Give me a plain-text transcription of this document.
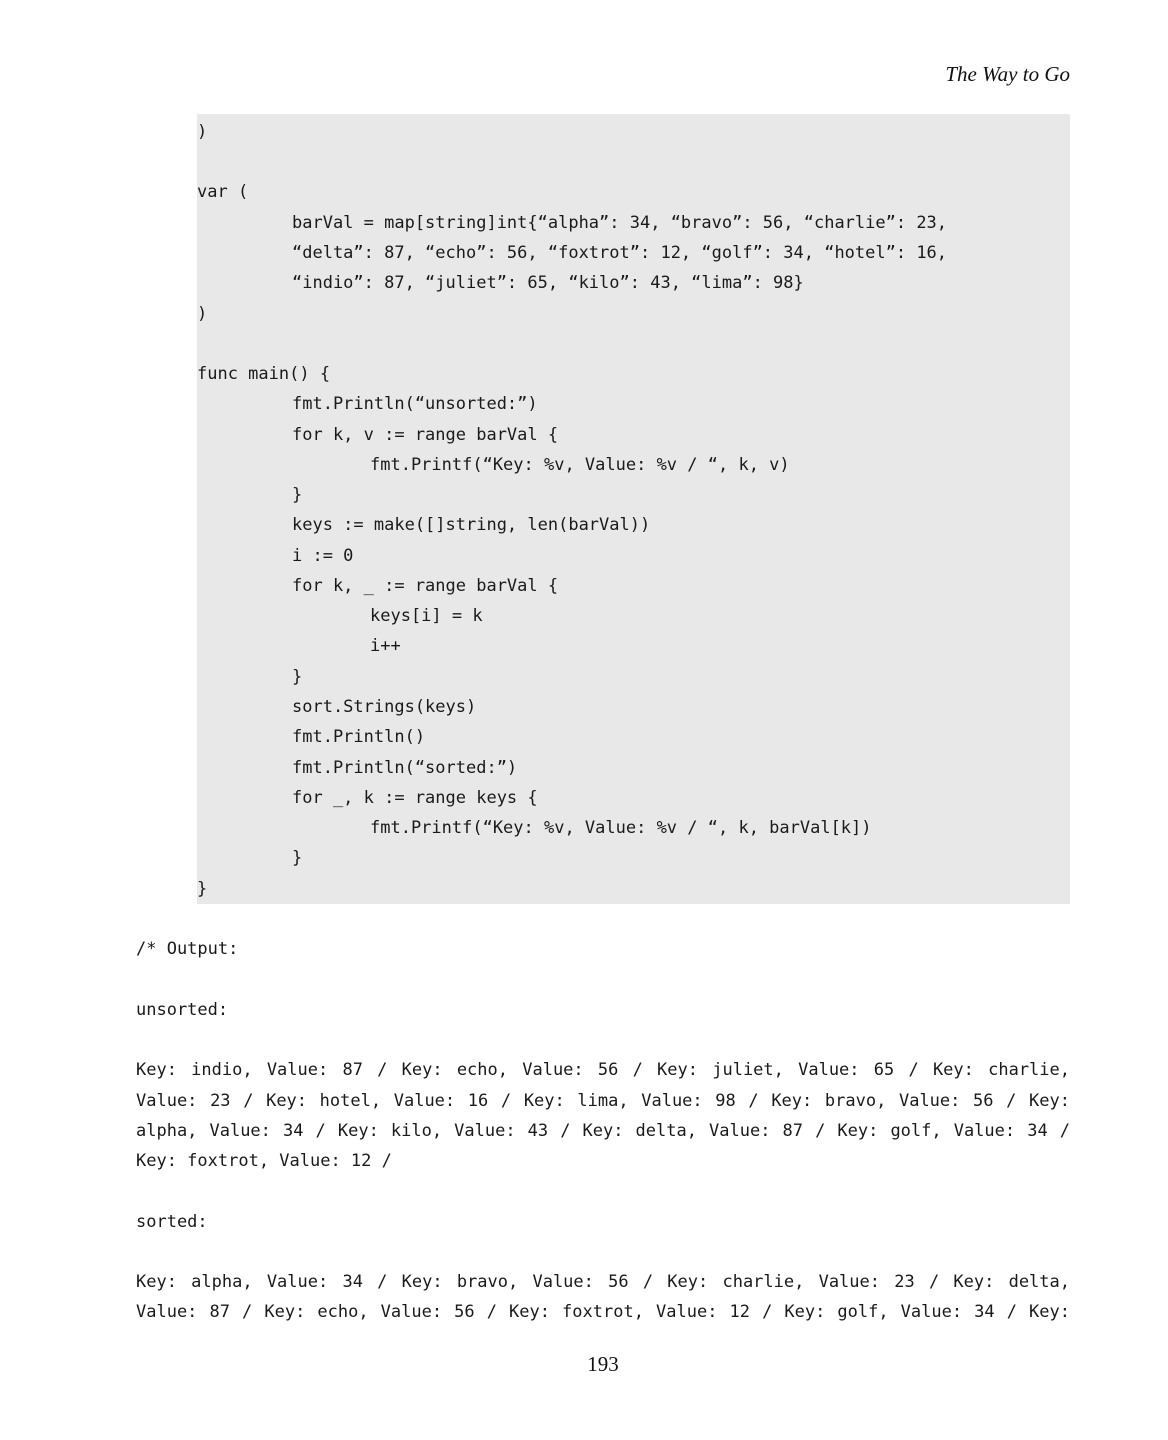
The Way to Go
)
var (
barVal = map[string]int{“alpha”: 34, “bravo”: 56, “charlie”: 23,
“delta”: 87, “echo”: 56, “foxtrot”: 12, “golf”: 34, “hotel”: 16,
“indio”: 87, “juliet”: 65, “kilo”: 43, “lima”: 98}
)
func main() {
fmt.Println(“unsorted:”)
for k, v := range barVal {
fmt.Printf(“Key: %v, Value: %v / “, k, v)
}
keys := make([]string, len(barVal))
i := 0
for k, _ := range barVal {
keys[i] = k
i++
}
sort.Strings(keys)
fmt.Println()
fmt.Println(“sorted:”)
for _, k := range keys {
fmt.Printf(“Key: %v, Value: %v / “, k, barVal[k])
}
}
/* Output:
unsorted:
Key: indio, Value: 87 / Key: echo, Value: 56 / Key: juliet, Value: 65 / Key: charlie,
Value: 23 / Key: hotel, Value: 16 / Key: lima, Value: 98 / Key: bravo, Value: 56 / Key:
alpha, Value: 34 / Key: kilo, Value: 43 / Key: delta, Value: 87 / Key: golf, Value: 34 /
Key: foxtrot, Value: 12 /
sorted:
Key: alpha, Value: 34 / Key: bravo, Value: 56 / Key: charlie, Value: 23 / Key: delta,
Value: 87 / Key: echo, Value: 56 / Key: foxtrot, Value: 12 / Key: golf, Value: 34 / Key:
193
